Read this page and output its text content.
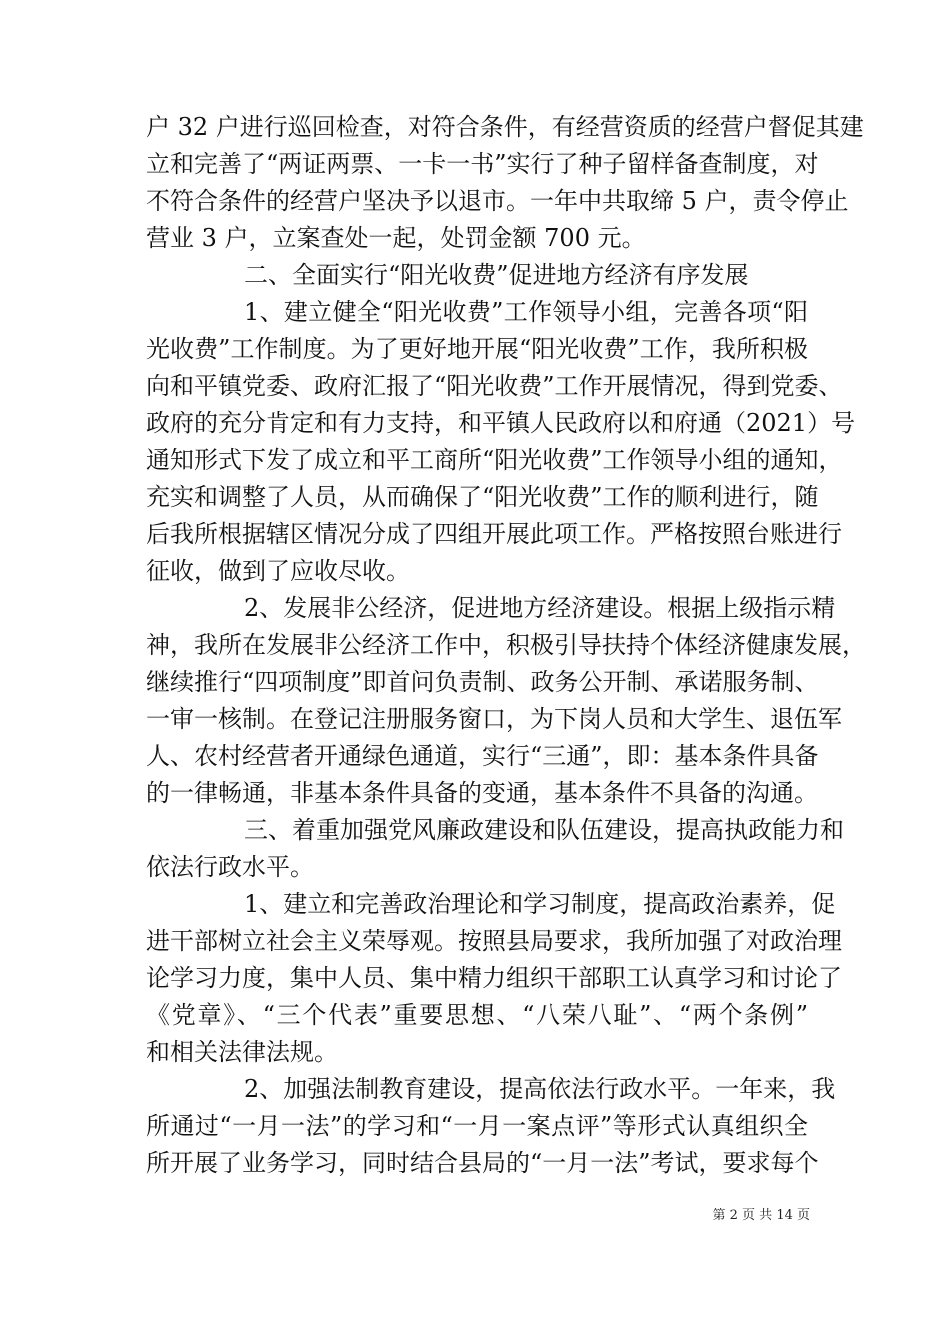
户 32 户进行巡回检查，对符合条件，有经营资质的经营户督促其建
立和完善了“两证两票、一卡一书”实行了种子留样备查制度，对
不符合条件的经营户坚决予以退市。一年中共取缔 5 户，责令停止
营业 3 户，立案查处一起，处罚金额 700 元。

二、全面实行“阳光收费”促进地方经济有序发展

1、建立健全“阳光收费”工作领导小组，完善各项“阳
光收费”工作制度。为了更好地开展“阳光收费”工作，我所积极
向和平镇党委、政府汇报了“阳光收费”工作开展情况，得到党委、
政府的充分肯定和有力支持，和平镇人民政府以和府通（2021）号
通知形式下发了成立和平工商所“阳光收费”工作领导小组的通知，
充实和调整了人员，从而确保了“阳光收费”工作的顺利进行，随
后我所根据辖区情况分成了四组开展此项工作。严格按照台账进行
征收，做到了应收尽收。

2、发展非公经济，促进地方经济建设。根据上级指示精
神，我所在发展非公经济工作中，积极引导扶持个体经济健康发展，
继续推行“四项制度”即首问负责制、政务公开制、承诺服务制、
一审一核制。在登记注册服务窗口，为下岗人员和大学生、退伍军
人、农村经营者开通绿色通道，实行“三通”，即：基本条件具备
的一律畅通，非基本条件具备的变通，基本条件不具备的沟通。

三、着重加强党风廉政建设和队伍建设，提高执政能力和
依法行政水平。

1、建立和完善政治理论和学习制度，提高政治素养，促
进干部树立社会主义荣辱观。按照县局要求，我所加强了对政治理
论学习力度，集中人员、集中精力组织干部职工认真学习和讨论了
《党章》、“三个代表”重要思想、“八荣八耻”、“两个条例”
和相关法律法规。

2、加强法制教育建设，提高依法行政水平。一年来，我
所通过“一月一法”的学习和“一月一案点评”等形式认真组织全
所开展了业务学习，同时结合县局的“一月一法”考试，要求每个

第 2 页 共 14 页
